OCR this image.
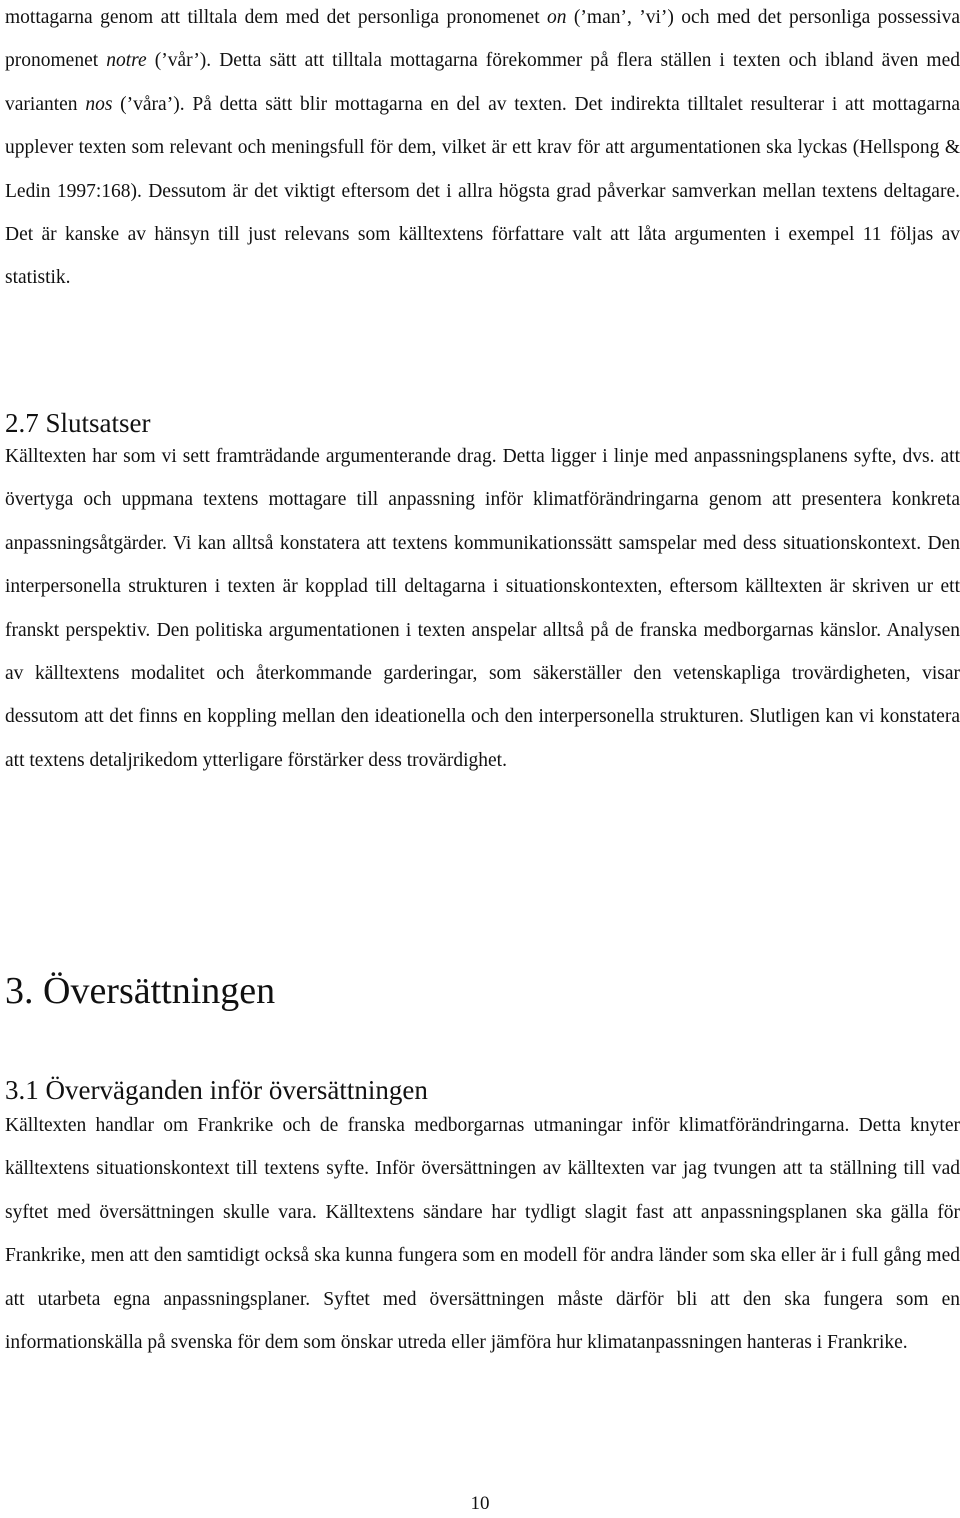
mottagarna genom att tilltala dem med det personliga pronomenet on (’man’, ’vi’) och med det personliga possessiva pronomenet notre (’vår’). Detta sätt att tilltala mottagarna förekommer på flera ställen i texten och ibland även med varianten nos (’våra’). På detta sätt blir mottagarna en del av texten. Det indirekta tilltalet resulterar i att mottagarna upplever texten som relevant och meningsfull för dem, vilket är ett krav för att argumentationen ska lyckas (Hellspong & Ledin 1997:168). Dessutom är det viktigt eftersom det i allra högsta grad påverkar samverkan mellan textens deltagare. Det är kanske av hänsyn till just relevans som källtextens författare valt att låta argumenten i exempel 11 följas av statistik.

2.7 Slutsatser

Källtexten har som vi sett framträdande argumenterande drag. Detta ligger i linje med anpassningsplanens syfte, dvs. att övertyga och uppmana textens mottagare till anpassning inför klimatförändringarna genom att presentera konkreta anpassningsåtgärder. Vi kan alltså konstatera att textens kommunikationssätt samspelar med dess situationskontext. Den interpersonella strukturen i texten är kopplad till deltagarna i situationskontexten, eftersom källtexten är skriven ur ett franskt perspektiv. Den politiska argumentationen i texten anspelar alltså på de franska medborgarnas känslor. Analysen av källtextens modalitet och återkommande garderingar, som säkerställer den vetenskapliga trovärdigheten, visar dessutom att det finns en koppling mellan den ideationella och den interpersonella strukturen. Slutligen kan vi konstatera att textens detaljrikedom ytterligare förstärker dess trovärdighet.

3. Översättningen
3.1 Överväganden inför översättningen

Källtexten handlar om Frankrike och de franska medborgarnas utmaningar inför klimatförändringarna. Detta knyter källtextens situationskontext till textens syfte. Inför översättningen av källtexten var jag tvungen att ta ställning till vad syftet med översättningen skulle vara. Källtextens sändare har tydligt slagit fast att anpassningsplanen ska gälla för Frankrike, men att den samtidigt också ska kunna fungera som en modell för andra länder som ska eller är i full gång med att utarbeta egna anpassningsplaner. Syftet med översättningen måste därför bli att den ska fungera som en informationskälla på svenska för dem som önskar utreda eller jämföra hur klimatanpassningen hanteras i Frankrike.

10
